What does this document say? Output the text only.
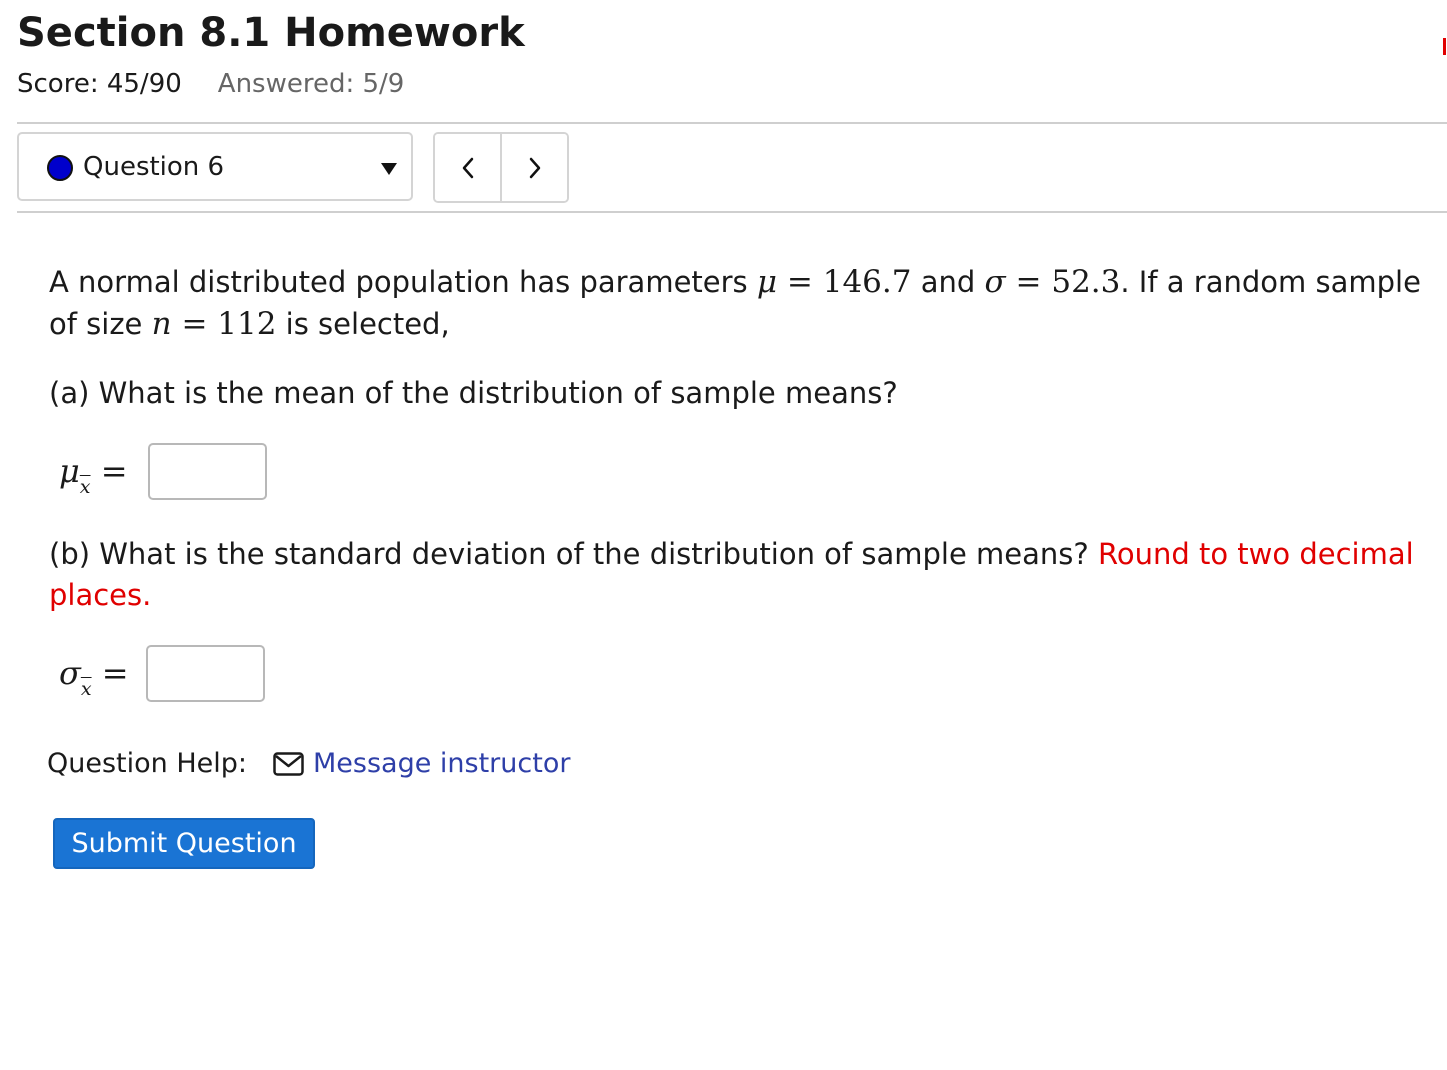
Section 8.1 Homework
Score: 45/90 Answered: 5/9
Question 6
A normal distributed population has parameters μ = 146.7 and σ = 52.3. If a random sample
of size n = 112 is selected,
(a) What is the mean of the distribution of sample means?
(b) What is the standard deviation of the distribution of sample means? Round to two decimal
places.
$\mu_{\overline{x}}$ =
$\sigma_{\overline{x}}$ =
Question Help: Message instructor
Submit Question
